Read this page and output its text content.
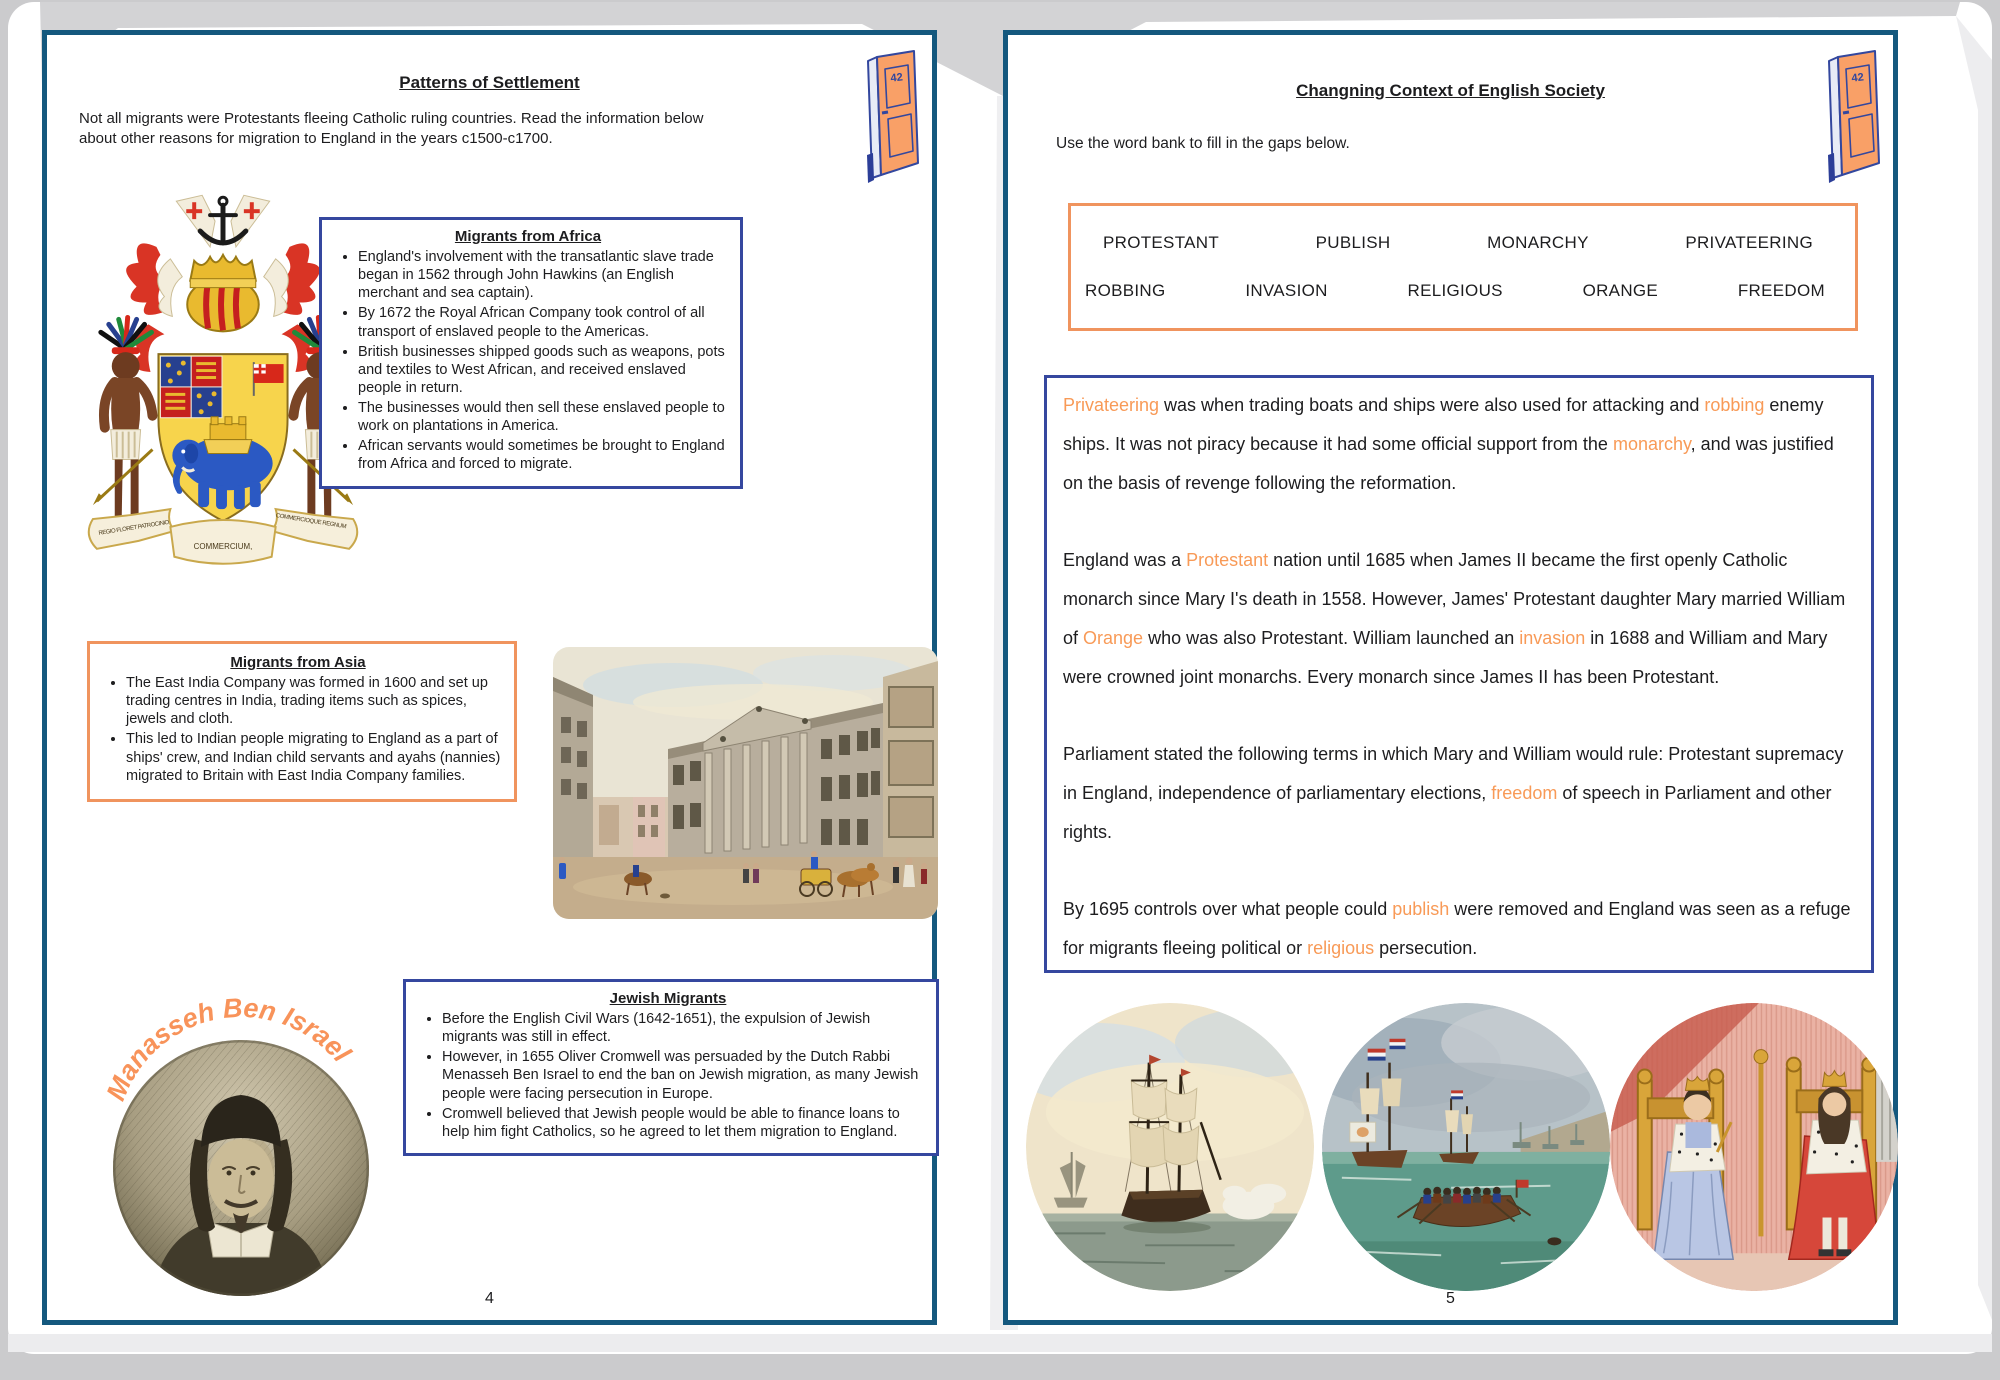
42
Patterns of Settlement
Not all migrants were Protestants fleeing Catholic ruling countries. Read the information below about other reasons for migration to England in the years c1500-c1700.
REGIO FLORET PATROCINIO
COMMERCIOQUE REGNUM
COMMERCIUM,
Migrants from Africa
• England's involvement with the transatlantic slave trade began in 1562 through John Hawkins (an English merchant and sea captain).
• By 1672 the Royal African Company took control of all transport of enslaved people to the Americas.
• British businesses shipped goods such as weapons, pots and textiles to West African, and received enslaved people in return.
• The businesses would then sell these enslaved people to work on plantations in America.
• African servants would sometimes be brought to England from Africa and forced to migrate.
Migrants from Asia
• The East India Company was formed in 1600 and set up trading centres in India, trading items such as spices, jewels and cloth.
• This led to Indian people migrating to England as a part of ships' crew, and Indian child servants and ayahs (nannies) migrated to Britain with East India Company families.
Jewish Migrants
• Before the English Civil Wars (1642-1651), the expulsion of Jewish migrants was still in effect.
• However, in 1655 Oliver Cromwell was persuaded by the Dutch Rabbi Menasseh Ben Israel to end the ban on Jewish migration, as many Jewish people were facing persecution in Europe.
• Cromwell believed that Jewish people would be able to finance loans to help him fight Catholics, so he agreed to let them migration to England.
Manasseh Ben Israel
4
42
Changning Context of English Society
Use the word bank to fill in the gaps below.
PROTESTANT	PUBLISH	MONARCHY	PRIVATEERING
ROBBING	INVASION	RELIGIOUS	ORANGE	FREEDOM

Privateering was when trading boats and ships were also used for attacking and robbing enemy ships. It was not piracy because it had some official support from the monarchy, and was justified on the basis of revenge following the reformation.

England was a Protestant nation until 1685 when James II became the first openly Catholic monarch since Mary I's death in 1558. However, James' Protestant daughter Mary married William of Orange who was also Protestant. William launched an invasion in 1688 and William and Mary were crowned joint monarchs. Every monarch since James II has been Protestant.

Parliament stated the following terms in which Mary and William would rule: Protestant supremacy in England, independence of parliamentary elections, freedom of speech in Parliament and other rights.

By 1695 controls over what people could publish were removed and England was seen as a refuge for migrants fleeing political or religious persecution.

5
